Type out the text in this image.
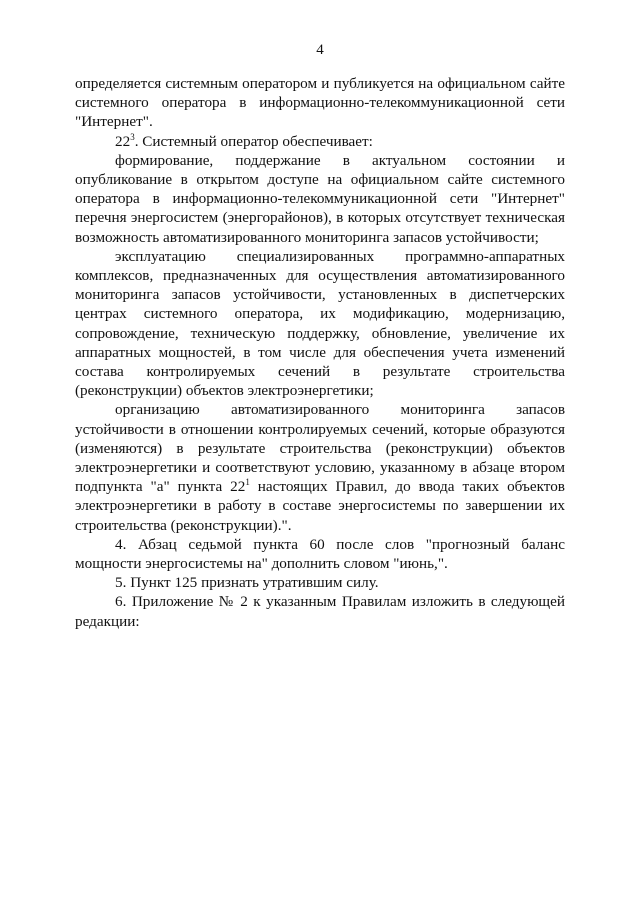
4

определяется системным оператором и публикуется на официальном сайте системного оператора в информационно-телекоммуникационной сети "Интернет".

$22^3$. Системный оператор обеспечивает:

формирование, поддержание в актуальном состоянии и опубликование в открытом доступе на официальном сайте системного оператора в информационно-телекоммуникационной сети "Интернет" перечня энергосистем (энергорайонов), в которых отсутствует техническая возможность автоматизированного мониторинга запасов устойчивости;

эксплуатацию специализированных программно-аппаратных комплексов, предназначенных для осуществления автоматизированного мониторинга запасов устойчивости, установленных в диспетчерских центрах системного оператора, их модификацию, модернизацию, сопровождение, техническую поддержку, обновление, увеличение их аппаратных мощностей, в том числе для обеспечения учета изменений состава контролируемых сечений в результате строительства (реконструкции) объектов электроэнергетики;

организацию автоматизированного мониторинга запасов устойчивости в отношении контролируемых сечений, которые образуются (изменяются) в результате строительства (реконструкции) объектов электроэнергетики и соответствуют условию, указанному в абзаце втором подпункта "а" пункта $22^1$ настоящих Правил, до ввода таких объектов электроэнергетики в работу в составе энергосистемы по завершении их строительства (реконструкции).".

4. Абзац седьмой пункта 60 после слов "прогнозный баланс мощности энергосистемы на" дополнить словом "июнь,".

5. Пункт 125 признать утратившим силу.

6. Приложение № 2 к указанным Правилам изложить в следующей редакции:
